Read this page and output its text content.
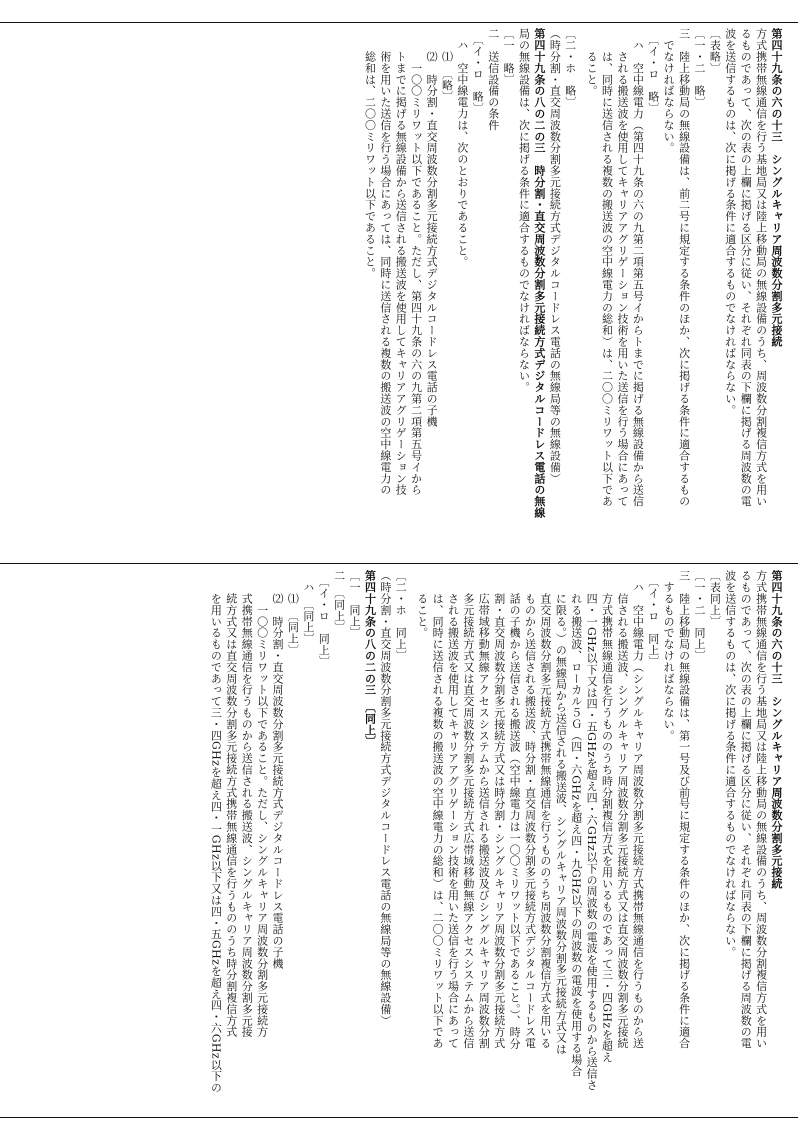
第四十九条の六の十三　シングルキャリア周波数分割多元接続
方式携帯無線通信を行う基地局又は陸上移動局の無線設備のうち、周波数分割複信方式を用い
るものであって、次の表の上欄に掲げる区分に従い、それぞれ同表の下欄に掲げる周波数の電
波を送信するものは、次に掲げる条件に適合するものでなければならない。
〔表略〕
〔一・二　略〕
三　陸上移動局の無線設備は、前二号に規定する条件のほか、次に掲げる条件に適合するもの
　でなければならない。
　〔イ・ロ　略〕
　ハ　空中線電力（第四十九条の六の九第二項第五号イからトまでに掲げる無線設備から送信
　　される搬送波を使用してキャリアアグリゲーション技術を用いた送信を行う場合にあって
　　は、同時に送信される複数の搬送波の空中線電力の総和）は、二〇〇ミリワット以下であ
　　ること。
〔二・ホ　略〕
（時分割・直交周波数分割多元接続方式デジタルコードレス電話の無線局等の無線設備）
第四十九条の八の二の三　時分割・直交周波数分割多元接続方式デジタルコードレス電話の無線
局の無線設備は、次に掲げる条件に適合するものでなければならない。
〔一　略〕
二　送信設備の条件
　〔イ・ロ　略〕
　ハ　空中線電力は、次のとおりであること。
　　⑴　〔略〕
　　⑵　時分割・直交周波数分割多元接続方式デジタルコードレス電話の子機
　　　一〇〇ミリワット以下であること。ただし、第四十九条の六の九第二項第五号イから
　　トまでに掲げる無線設備から送信される搬送波を使用してキャリアアグリゲーション技
　　術を用いた送信を行う場合にあっては、同時に送信される複数の搬送波の空中線電力の
　　総和は、二〇〇ミリワット以下であること。
第四十九条の六の十三　シングルキャリア周波数分割多元接続
方式携帯無線通信を行う基地局又は陸上移動局の無線設備のうち、周波数分割複信方式を用い
るものであって、次の表の上欄に掲げる区分に従い、それぞれ同表の下欄に掲げる周波数の電
波を送信するものは、次に掲げる条件に適合するものでなければならない。
〔表同上〕
〔一・二　同上〕
三　陸上移動局の無線設備は、第一号及び前号に規定する条件のほか、次に掲げる条件に適合
　するものでなければならない。
　〔イ・ロ　同上〕
　ハ　空中線電力（シングルキャリア周波数分割多元接続方式携帯無線通信を行うものから送
　　信される搬送波、シングルキャリア周波数分割多元接続方式又は直交周波数分割多元接続
　　方式携帯無線通信を行うもののうち時分割複信方式を用いるものであって三・四GHzを超え
　　四・一GHz以下又は四・五GHzを超え四・六GHz以下の周波数の電波を使用するものから送信さ
　　れる搬送波、ローカル５Ｇ（四・六GHzを超え四・九GHz以下の周波数の電波を使用する場合
　　に限る。）の無線局から送信される搬送波、シングルキャリア周波数分割多元接続方式又は
　　直交周波数分割多元接続方式携帯無線通信を行うもののうち周波数分割複信方式を用いる
　　ものから送信される搬送波、時分割・直交周波数分割多元接続方式デジタルコードレス電
　　話の子機から送信される搬送波（空中線電力は一〇〇ミリワット以下であること。）、時分
　　割・直交周波数分割多元接続方式又は時分割・シングルキャリア周波数分割多元接続方式
　　広帯域移動無線アクセスシステムから送信される搬送波及びシングルキャリア周波数分割
　　多元接続方式又は直交周波数分割多元接続方式広帯域移動無線アクセスシステムから送信
　　される搬送波を使用してキャリアアグリゲーション技術を用いた送信を行う場合にあって
　　は、同時に送信される複数の搬送波の空中線電力の総和）は、二〇〇ミリワット以下であ
　　ること。
〔二・ホ　同上〕
（時分割・直交周波数分割多元接続方式デジタルコードレス電話の無線局等の無線設備）
第四十九条の八の二の三　〔同上〕
〔一　同上〕
二　〔同上〕
　〔イ・ロ　同上〕
　ハ　〔同上〕
　　⑴　〔同上〕
　　⑵　時分割・直交周波数分割多元接続方式デジタルコードレス電話の子機
　　　一〇〇ミリワット以下であること。ただし、シングルキャリア周波数分割多元接続方
　　式携帯無線通信を行うものから送信される搬送波、シングルキャリア周波数分割多元接
　　続方式又は直交周波数分割多元接続方式携帯無線通信を行うもののうち時分割複信方式
　　を用いるものであって三・四GHzを超え四・一GHz以下又は四・五GHzを超え四・六GHz以下の
